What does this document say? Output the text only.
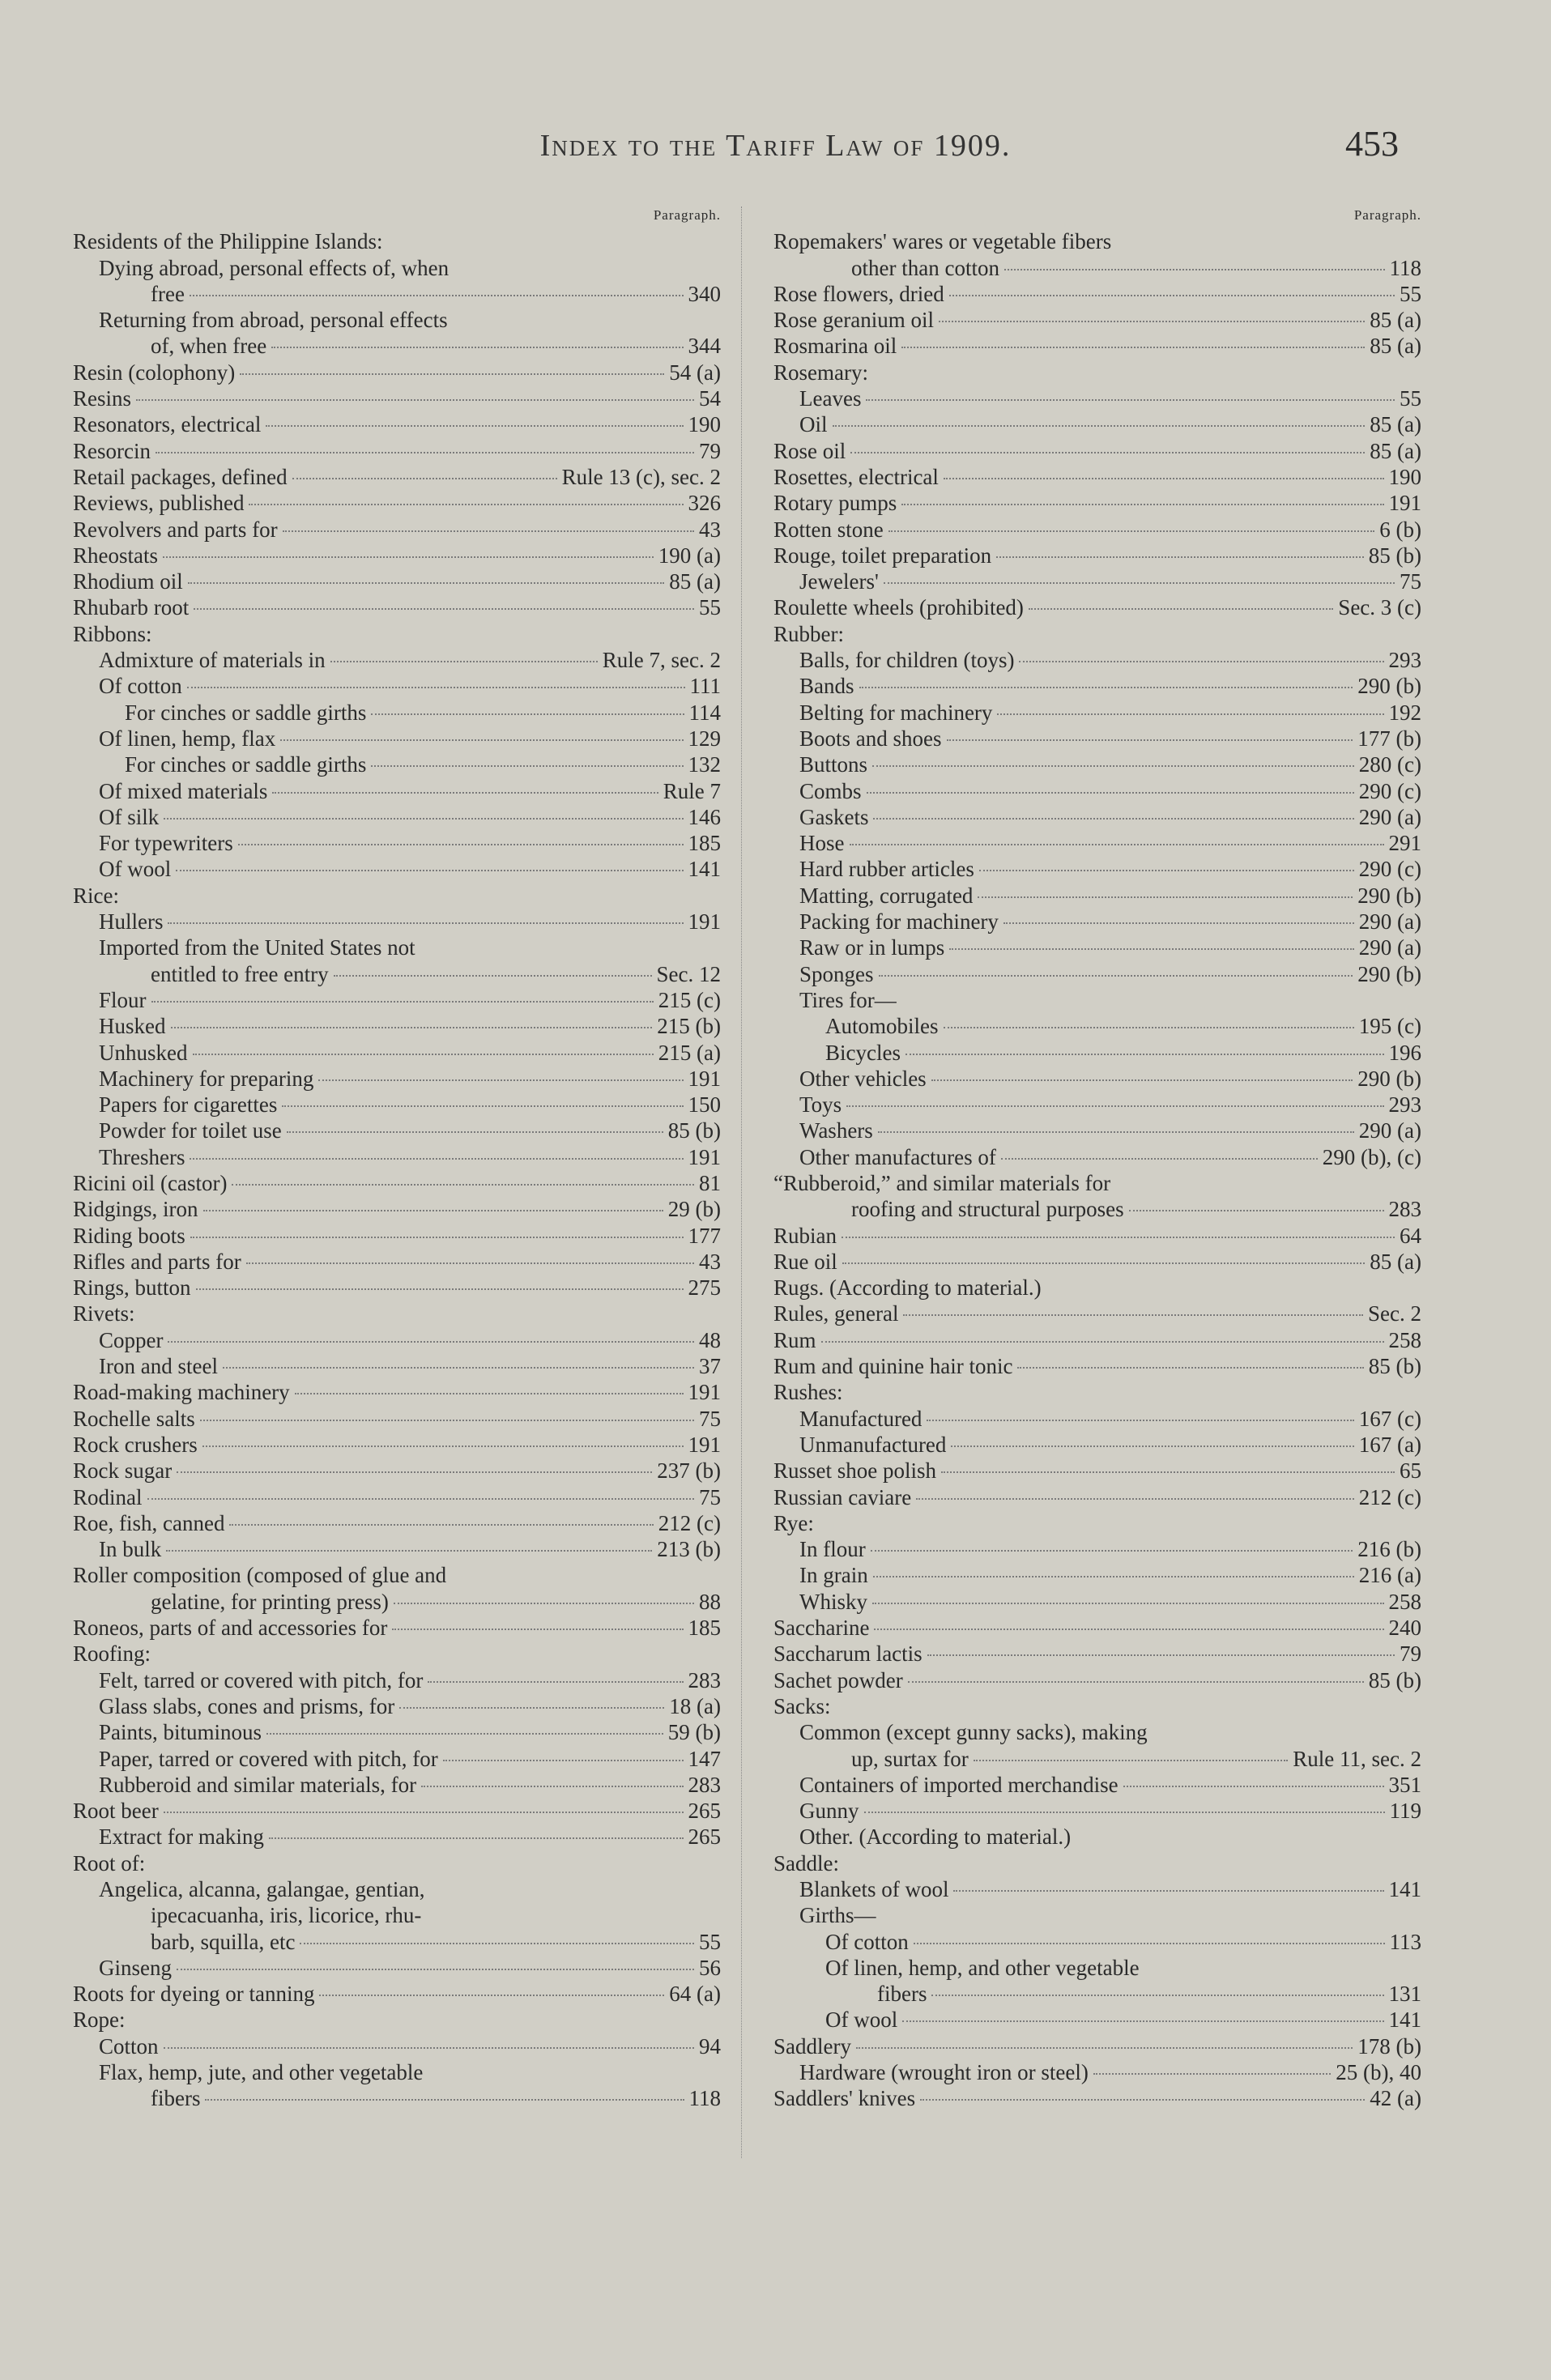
Index to the Tariff Law of 1909.	453
Paragraph.
Residents of the Philippine Islands:
Dying abroad, personal effects of, when
free	340
Returning from abroad, personal effects
of, when free	344
Resin (colophony)	54 (a)
Resins	54
Resonators, electrical	190
Resorcin	79
Retail packages, defined	Rule 13 (c), sec. 2
Reviews, published	326
Revolvers and parts for	43
Rheostats	190 (a)
Rhodium oil	85 (a)
Rhubarb root	55
Ribbons:
Admixture of materials in	Rule 7, sec. 2
Of cotton	111
For cinches or saddle girths	114
Of linen, hemp, flax	129
For cinches or saddle girths	132
Of mixed materials	Rule 7
Of silk	146
For typewriters	185
Of wool	141
Rice:
Hullers	191
Imported from the United States not
entitled to free entry	Sec. 12
Flour	215 (c)
Husked	215 (b)
Unhusked	215 (a)
Machinery for preparing	191
Papers for cigarettes	150
Powder for toilet use	85 (b)
Threshers	191
Ricini oil (castor)	81
Ridgings, iron	29 (b)
Riding boots	177
Rifles and parts for	43
Rings, button	275
Rivets:
Copper	48
Iron and steel	37
Road-making machinery	191
Rochelle salts	75
Rock crushers	191
Rock sugar	237 (b)
Rodinal	75
Roe, fish, canned	212 (c)
In bulk	213 (b)
Roller composition (composed of glue and
gelatine, for printing press)	88
Roneos, parts of and accessories for	185
Roofing:
Felt, tarred or covered with pitch, for	283
Glass slabs, cones and prisms, for	18 (a)
Paints, bituminous	59 (b)
Paper, tarred or covered with pitch, for	147
Rubberoid and similar materials, for	283
Root beer	265
Extract for making	265
Root of:
Angelica, alcanna, galangae, gentian,
ipecacuanha, iris, licorice, rhu-
barb, squilla, etc	55
Ginseng	56
Roots for dyeing or tanning	64 (a)
Rope:
Cotton	94
Flax, hemp, jute, and other vegetable
fibers	118
Paragraph.
Ropemakers' wares or vegetable fibers
other than cotton	118
Rose flowers, dried	55
Rose geranium oil	85 (a)
Rosmarina oil	85 (a)
Rosemary:
Leaves	55
Oil	85 (a)
Rose oil	85 (a)
Rosettes, electrical	190
Rotary pumps	191
Rotten stone	6 (b)
Rouge, toilet preparation	85 (b)
Jewelers'	75
Roulette wheels (prohibited)	Sec. 3 (c)
Rubber:
Balls, for children (toys)	293
Bands	290 (b)
Belting for machinery	192
Boots and shoes	177 (b)
Buttons	280 (c)
Combs	290 (c)
Gaskets	290 (a)
Hose	291
Hard rubber articles	290 (c)
Matting, corrugated	290 (b)
Packing for machinery	290 (a)
Raw or in lumps	290 (a)
Sponges	290 (b)
Tires for—
Automobiles	195 (c)
Bicycles	196
Other vehicles	290 (b)
Toys	293
Washers	290 (a)
Other manufactures of	290 (b), (c)
“Rubberoid,” and similar materials for
roofing and structural purposes	283
Rubian	64
Rue oil	85 (a)
Rugs. (According to material.)
Rules, general	Sec. 2
Rum	258
Rum and quinine hair tonic	85 (b)
Rushes:
Manufactured	167 (c)
Unmanufactured	167 (a)
Russet shoe polish	65
Russian caviare	212 (c)
Rye:
In flour	216 (b)
In grain	216 (a)
Whisky	258
Saccharine	240
Saccharum lactis	79
Sachet powder	85 (b)
Sacks:
Common (except gunny sacks), making
up, surtax for	Rule 11, sec. 2
Containers of imported merchandise	351
Gunny	119
Other. (According to material.)
Saddle:
Blankets of wool	141
Girths—
Of cotton	113
Of linen, hemp, and other vegetable
fibers	131
Of wool	141
Saddlery	178 (b)
Hardware (wrought iron or steel)	25 (b), 40
Saddlers' knives	42 (a)
